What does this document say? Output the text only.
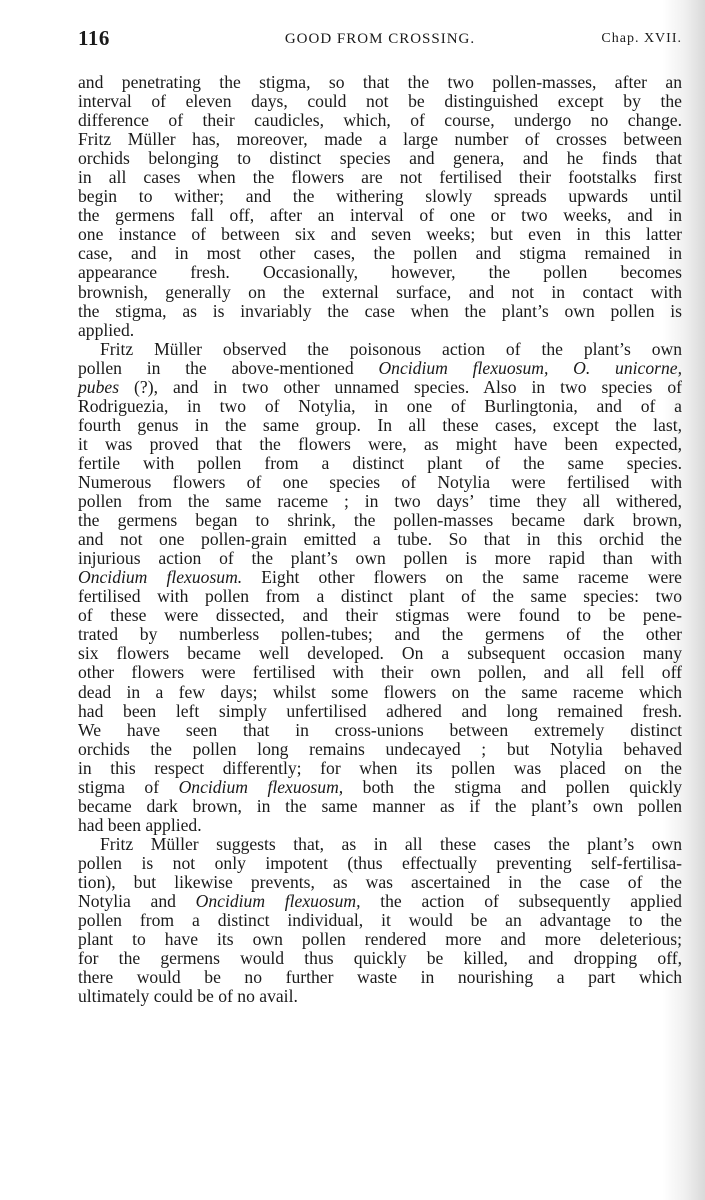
116	GOOD FROM CROSSING.	Chap. XVII.
and penetrating the stigma, so that the two pollen-masses, after an
interval of eleven days, could not be distinguished except by the
difference of their caudicles, which, of course, undergo no change.
Fritz Müller has, moreover, made a large number of crosses between
orchids belonging to distinct species and genera, and he finds that
in all cases when the flowers are not fertilised their footstalks first
begin to wither; and the withering slowly spreads upwards until
the germens fall off, after an interval of one or two weeks, and in
one instance of between six and seven weeks; but even in this latter
case, and in most other cases, the pollen and stigma remained in
appearance fresh. Occasionally, however, the pollen becomes
brownish, generally on the external surface, and not in contact with
the stigma, as is invariably the case when the plant’s own pollen is
applied.
Fritz Müller observed the poisonous action of the plant’s own
pollen in the above-mentioned Oncidium flexuosum, O. unicorne,
pubes (?), and in two other unnamed species. Also in two species of
Rodriguezia, in two of Notylia, in one of Burlingtonia, and of a
fourth genus in the same group. In all these cases, except the last,
it was proved that the flowers were, as might have been expected,
fertile with pollen from a distinct plant of the same species.
Numerous flowers of one species of Notylia were fertilised with
pollen from the same raceme ; in two days’ time they all withered,
the germens began to shrink, the pollen-masses became dark brown,
and not one pollen-grain emitted a tube. So that in this orchid the
injurious action of the plant’s own pollen is more rapid than with
Oncidium flexuosum. Eight other flowers on the same raceme were
fertilised with pollen from a distinct plant of the same species: two
of these were dissected, and their stigmas were found to be pene-
trated by numberless pollen-tubes; and the germens of the other
six flowers became well developed. On a subsequent occasion many
other flowers were fertilised with their own pollen, and all fell off
dead in a few days; whilst some flowers on the same raceme which
had been left simply unfertilised adhered and long remained fresh.
We have seen that in cross-unions between extremely distinct
orchids the pollen long remains undecayed ; but Notylia behaved
in this respect differently; for when its pollen was placed on the
stigma of Oncidium flexuosum, both the stigma and pollen quickly
became dark brown, in the same manner as if the plant’s own pollen
had been applied.
Fritz Müller suggests that, as in all these cases the plant’s own
pollen is not only impotent (thus effectually preventing self-fertilisa-
tion), but likewise prevents, as was ascertained in the case of the
Notylia and Oncidium flexuosum, the action of subsequently applied
pollen from a distinct individual, it would be an advantage to the
plant to have its own pollen rendered more and more deleterious;
for the germens would thus quickly be killed, and dropping off,
there would be no further waste in nourishing a part which
ultimately could be of no avail.
